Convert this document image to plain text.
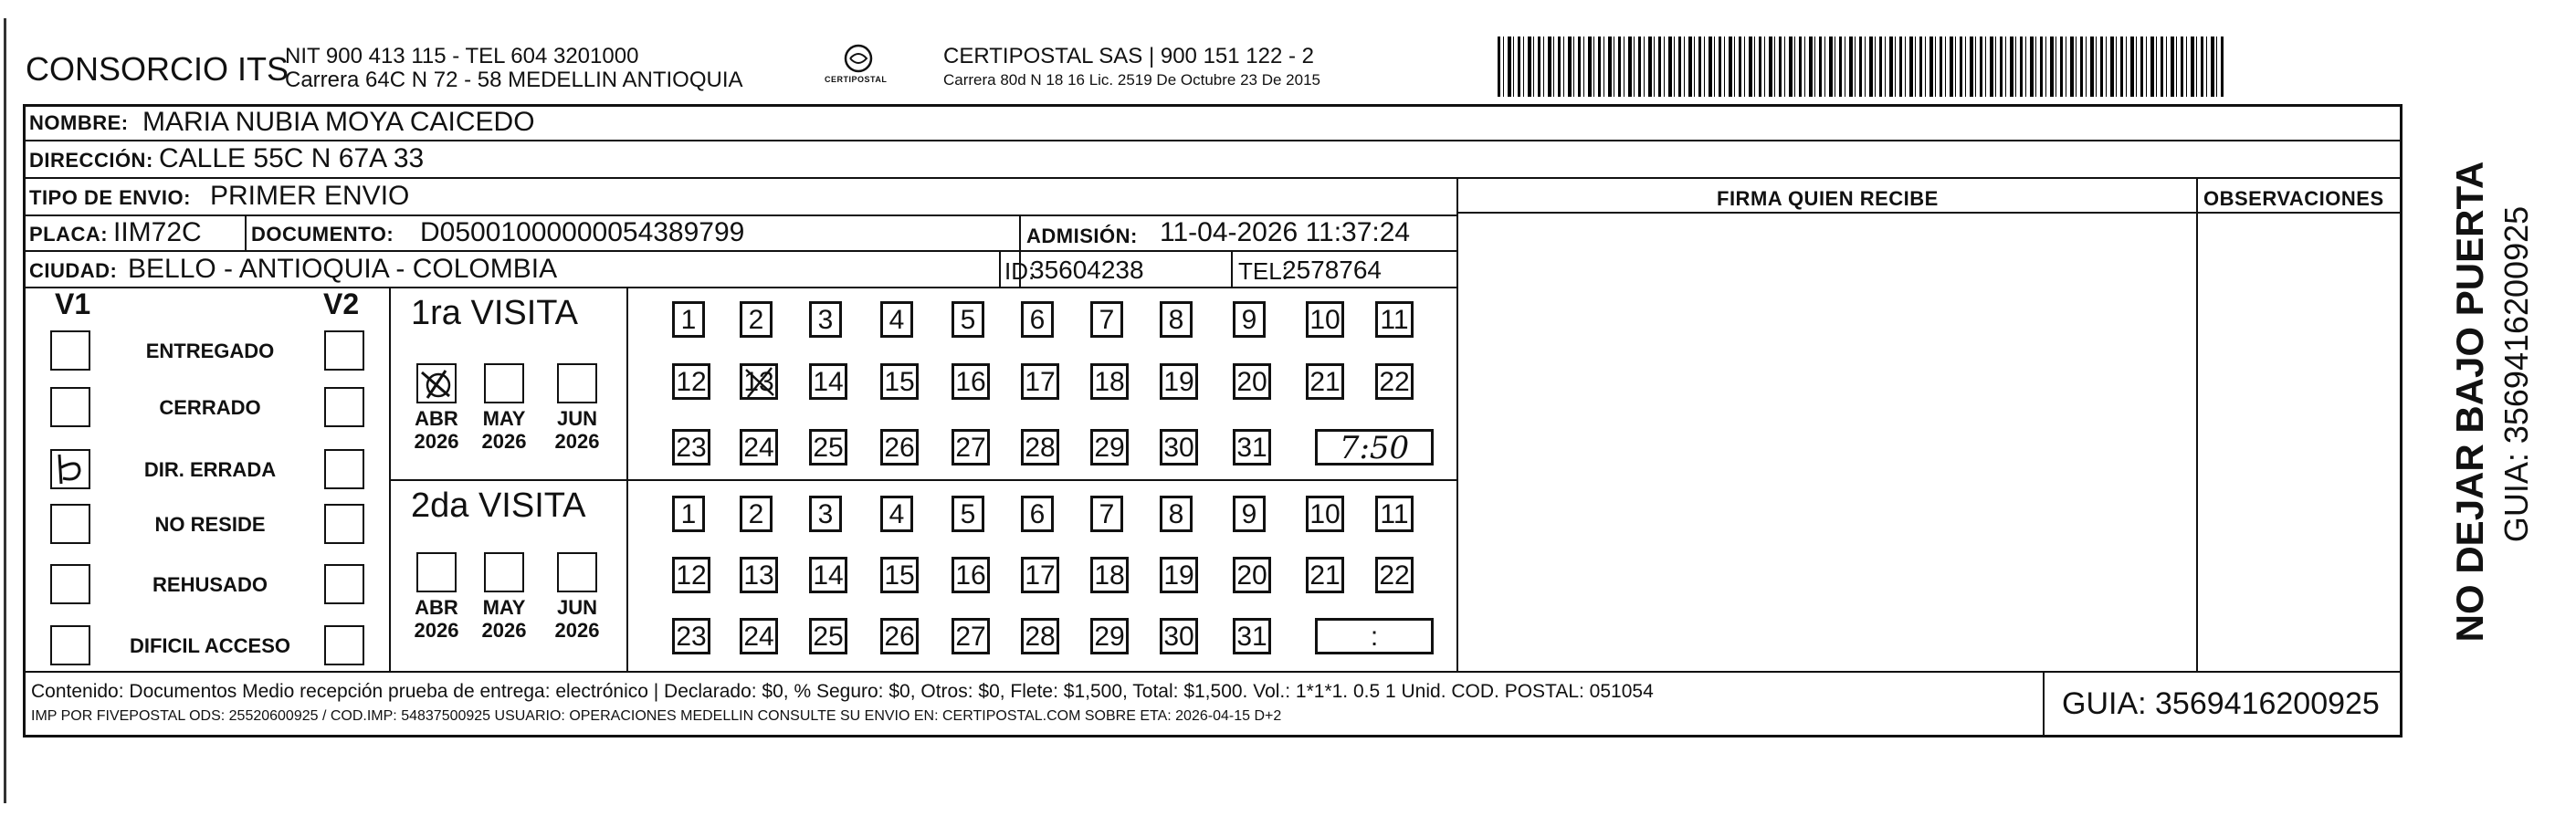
CONSORCIO ITS
NIT 900 413 115 - TEL 604 3201000
Carrera 64C N 72 - 58 MEDELLIN ANTIOQUIA	CERTIPOSTAL
CERTIPOSTAL SAS | 900 151 122 - 2
Carrera 80d N 18 16 Lic. 2519 De Octubre 23 De 2015
NOMBRE: MARIA NUBIA MOYA CAICEDO
DIRECCIÓN: CALLE 55C N 67A 33
TIPO DE ENVIO: PRIMER ENVIO
PLACA: IIM72C DOCUMENTO: D05001000000054389799	ADMISIÓN: 11-04-2026 11:37:24
CIUDAD: BELLO - ANTIOQUIA - COLOMBIA	ID:
35604238	TEL:
2578764
FIRMA QUIEN RECIBE	OBSERVACIONES
V1	V2
ENTREGADO
CERRADO
DIR. ERRADA
NO RESIDE
REHUSADO
DIFICIL ACCESO
1ra VISITA
2da VISITA
ABR
2026
MAY
2026
JUN
2026
ABR
2026
MAY
2026
JUN
2026
1	2	3	4	5	6	7	8	9	10 11
12 13 14 15 16 17 18 19 20 21 22
23 24 25 26 27 28 29 30 31	7:50
1	2	3	4	5	6	7	8	9	10 11
12 13 14 15 16 17 18 19 20 21 22
23 24 25 26 27 28 29 30 31	:
Contenido: Documentos Medio recepción prueba de entrega: electrónico | Declarado: $0, % Seguro: $0, Otros: $0, Flete: $1,500, Total: $1,500. Vol.: 1*1*1. 0.5 1 Unid. COD. POSTAL: 051054
IMP POR FIVEPOSTAL ODS: 25520600925 / COD.IMP: 54837500925 USUARIO: OPERACIONES MEDELLIN CONSULTE SU ENVIO EN: CERTIPOSTAL.COM SOBRE ETA: 2026-04-15 D+2	GUIA: 3569416200925
NO DEJAR BAJO PUERTA GUIA: 3569416200925
